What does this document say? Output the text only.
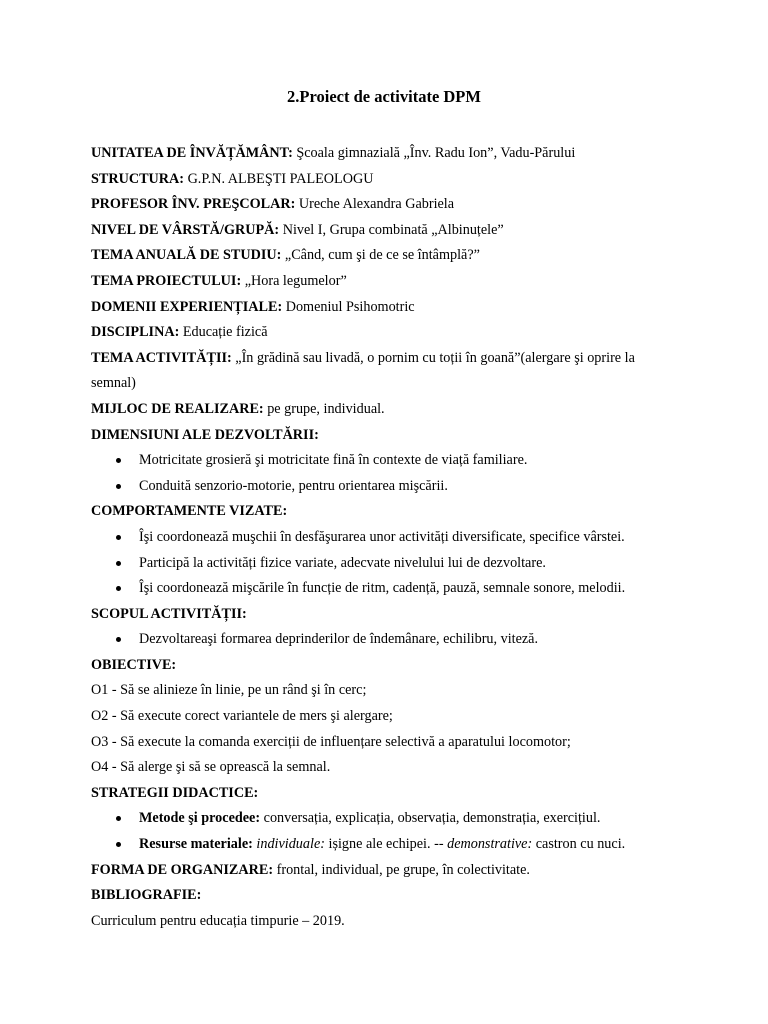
2.Proiect de activitate DPM

UNITATEA DE ÎNVĂȚĂMÂNT: Şcoala gimnazială „Înv. Radu Ion”, Vadu-Părului

STRUCTURA: G.P.N. ALBEŞTI PALEOLOGU

PROFESOR ÎNV. PREŞCOLAR: Ureche Alexandra Gabriela

NIVEL DE VÂRSTĂ/GRUPĂ: Nivel I, Grupa combinată „Albinuțele”

TEMA ANUALĂ DE STUDIU: „Când, cum şi de ce se întâmplă?”

TEMA PROIECTULUI: „Hora legumelor”

DOMENII EXPERIENȚIALE: Domeniul Psihomotric

DISCIPLINA: Educație fizică

TEMA ACTIVITĂȚII: „În grădină sau livadă, o pornim cu toții în goană”(alergare şi oprire la semnal)

MIJLOC DE REALIZARE: pe grupe, individual.

DIMENSIUNI ALE DEZVOLTĂRII:

Motricitate grosieră şi motricitate fină în contexte de viață familiare.
Conduită senzorio-motorie, pentru orientarea mişcării.

COMPORTAMENTE VIZATE:

Îşi coordonează muşchii în desfăşurarea unor activități diversificate, specifice vârstei.
Participă la activități fizice variate, adecvate nivelului lui de dezvoltare.
Îşi coordonează mişcările în funcție de ritm, cadență, pauză, semnale sonore, melodii.

SCOPUL ACTIVITĂȚII:

Dezvoltareaşi formarea deprinderilor de îndemânare, echilibru, viteză.

OBIECTIVE:

O1 - Să se alinieze în linie, pe un rând şi în cerc;

O2 - Să execute corect variantele de mers şi alergare;

O3 - Să execute la comanda exerciții de influențare selectivă a aparatului locomotor;

O4 - Să alerge şi să se oprească la semnal.

STRATEGII DIDACTICE:

Metode şi procedee: conversația, explicația, observația, demonstrația, exercițiul.
Resurse materiale: individuale: ișigne ale echipei. -- demonstrative: castron cu nuci.

FORMA DE ORGANIZARE: frontal, individual, pe grupe, în colectivitate.

BIBLIOGRAFIE:

Curriculum pentru educația timpurie – 2019.
